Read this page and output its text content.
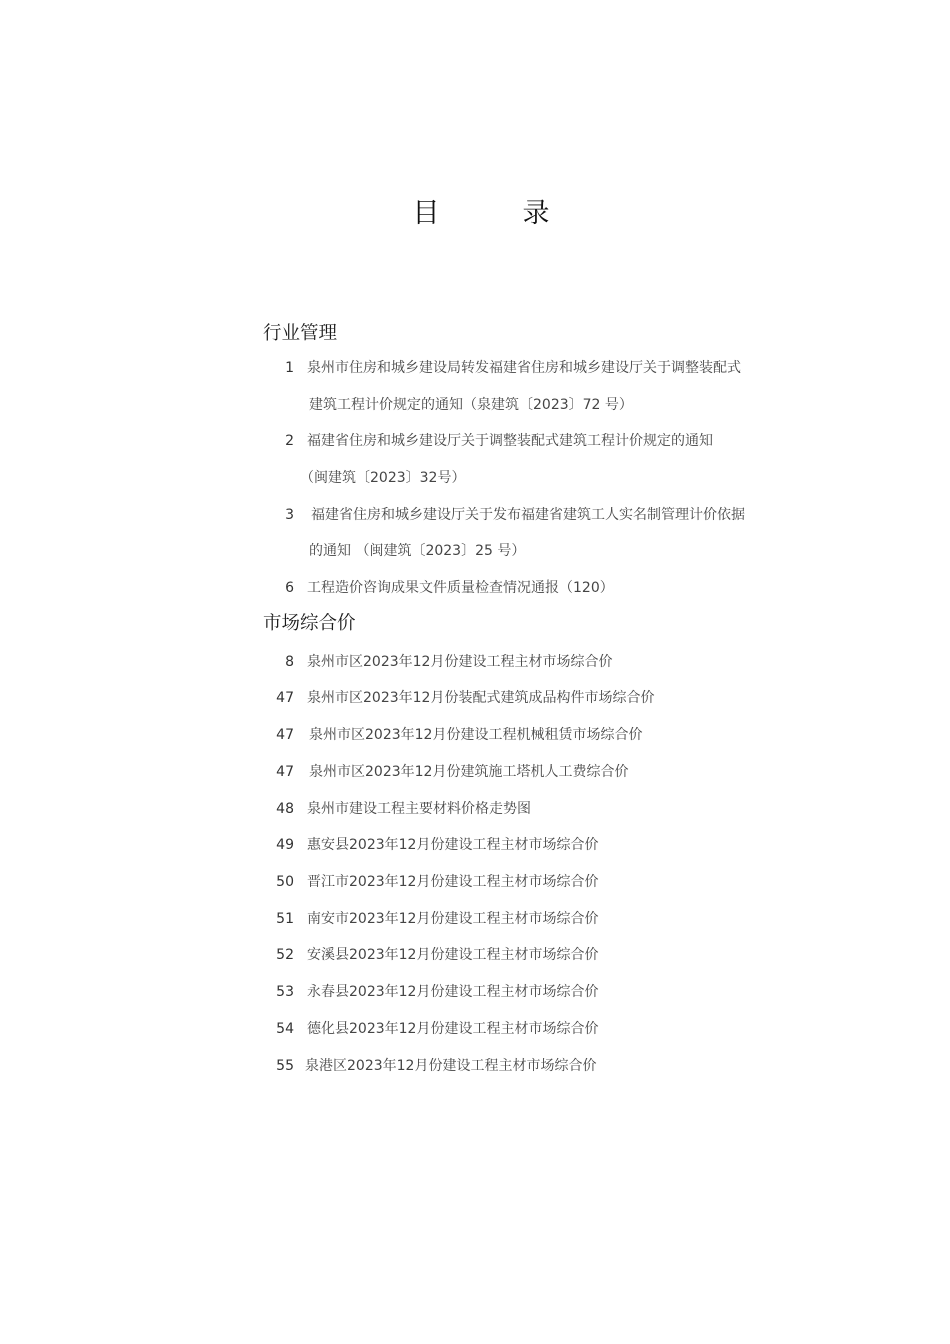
目　录
行业管理
1 泉州市住房和城乡建设局转发福建省住房和城乡建设厅关于调整装配式
建筑工程计价规定的通知（泉建筑〔2023〕72 号）
2 福建省住房和城乡建设厅关于调整装配式建筑工程计价规定的通知
（闽建筑〔2023〕32号）
3 福建省住房和城乡建设厅关于发布福建省建筑工人实名制管理计价依据
的通知 （闽建筑〔2023〕25 号）
6 工程造价咨询成果文件质量检查情况通报（120）
市场综合价
8 泉州市区2023年12月份建设工程主材市场综合价
47 泉州市区2023年12月份装配式建筑成品构件市场综合价
47 泉州市区2023年12月份建设工程机械租赁市场综合价
47 泉州市区2023年12月份建筑施工塔机人工费综合价
48 泉州市建设工程主要材料价格走势图
49 惠安县2023年12月份建设工程主材市场综合价
50 晋江市2023年12月份建设工程主材市场综合价
51 南安市2023年12月份建设工程主材市场综合价
52 安溪县2023年12月份建设工程主材市场综合价
53 永春县2023年12月份建设工程主材市场综合价
54 德化县2023年12月份建设工程主材市场综合价
55 泉港区2023年12月份建设工程主材市场综合价
